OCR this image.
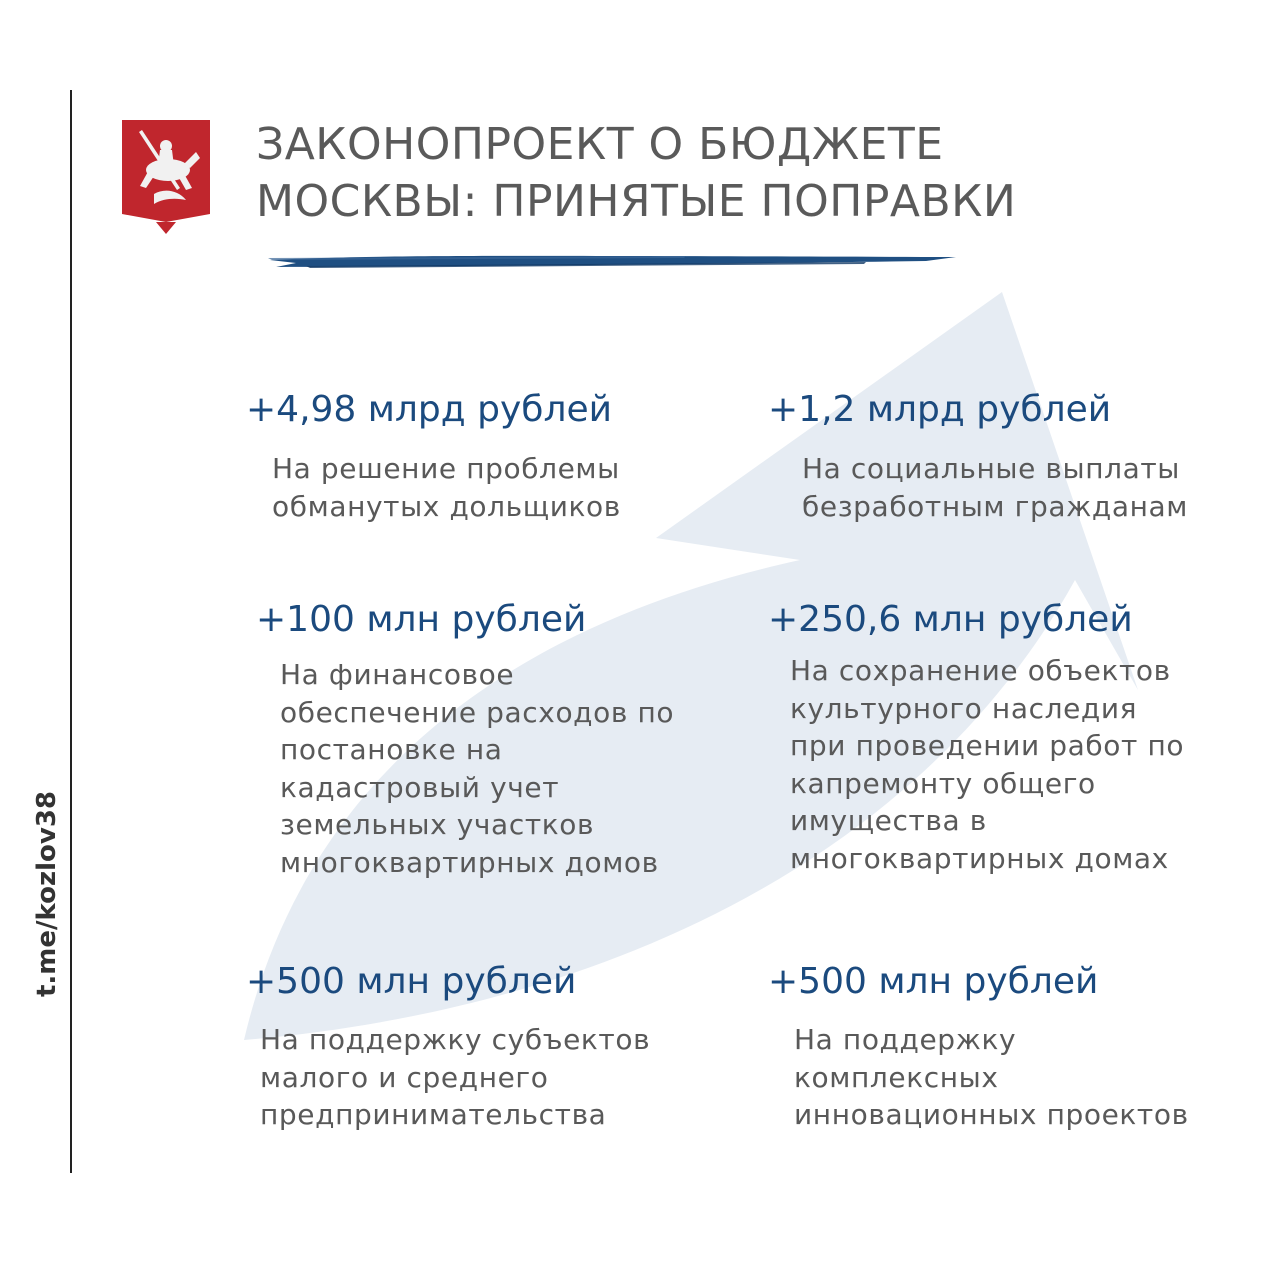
t.me/kozlov38
ЗАКОНОПРОЕКТ О БЮДЖЕТЕ
МОСКВЫ: ПРИНЯТЫЕ ПОПРАВКИ
+4,98 млрд рублей
На решение проблемы
обманутых дольщиков
+1,2 млрд рублей
На социальные выплаты
безработным гражданам
+100 млн рублей
На финансовое
обеспечение расходов по
постановке на
кадастровый учет
земельных участков
многоквартирных домов
+250,6 млн рублей
На сохранение объектов
культурного наследия
при проведении работ по
капремонту общего
имущества в
многоквартирных домах
+500 млн рублей
На поддержку субъектов
малого и среднего
предпринимательства
+500 млн рублей
На поддержку
комплексных
инновационных проектов
